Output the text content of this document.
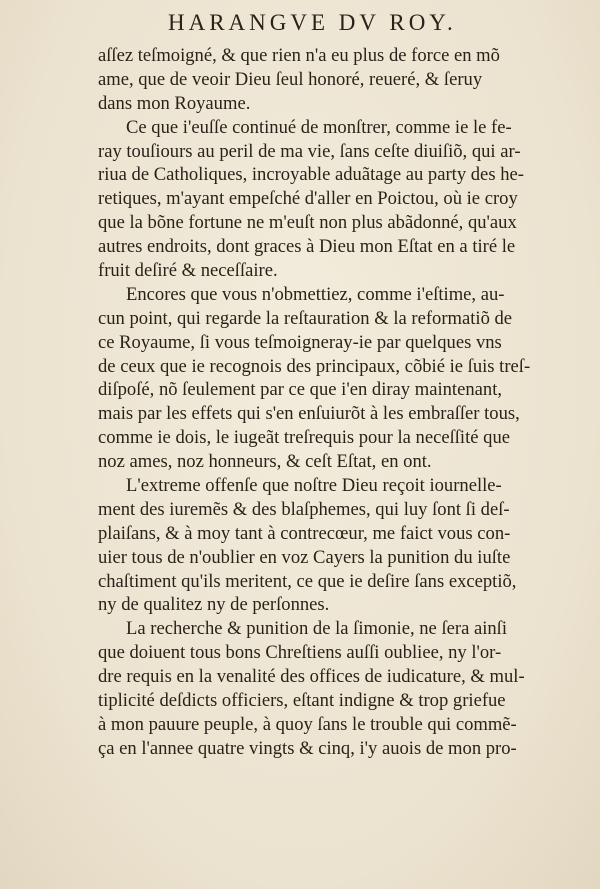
HARANGVE DV ROY.
aſſez teſmoigné, & que rien n'a eu plus de force en mõ
ame, que de veoir Dieu ſeul honoré, reueré, & ſeruy
dans mon Royaume.
Ce que i'euſſe continué de monſtrer, comme ie le fe-
ray touſiours au peril de ma vie, ſans ceſte diuiſiõ, qui ar-
riua de Catholiques, incroyable aduãtage au party des he-
retiques, m'ayant empeſché d'aller en Poictou, où ie croy
que la bõne fortune ne m'euſt non plus abãdonné, qu'aux
autres endroits, dont graces à Dieu mon Eſtat en a tiré le
fruit deſiré & neceſſaire.
Encores que vous n'obmettiez, comme i'eſtime, au-
cun point, qui regarde la reſtauration & la reformatiõ de
ce Royaume, ſi vous teſmoigneray-ie par quelques vns
de ceux que ie recognois des principaux, cõbié ie ſuis treſ-
diſpoſé, nõ ſeulement par ce que i'en diray maintenant,
mais par les effets qui s'en enſuiurõt à les embraſſer tous,
comme ie dois, le iugeãt treſrequis pour la neceſſité que
noz ames, noz honneurs, & ceſt Eſtat, en ont.
L'extreme offenſe que noſtre Dieu reçoit iournelle-
ment des iuremẽs & des blaſphemes, qui luy ſont ſi deſ-
plaiſans, & à moy tant à contrecœur, me faict vous con-
uier tous de n'oublier en voz Cayers la punition du iuſte
chaſtiment qu'ils meritent, ce que ie deſire ſans exceptiõ,
ny de qualitez ny de perſonnes.
La recherche & punition de la ſimonie, ne ſera ainſi
que doiuent tous bons Chreſtiens auſſi oubliee, ny l'or-
dre requis en la venalité des offices de iudicature, & mul-
tiplicité deſdicts officiers, eſtant indigne & trop griefue
à mon pauure peuple, à quoy ſans le trouble qui commẽ-
ça en l'annee quatre vingts & cinq, i'y auois de mon pro-
